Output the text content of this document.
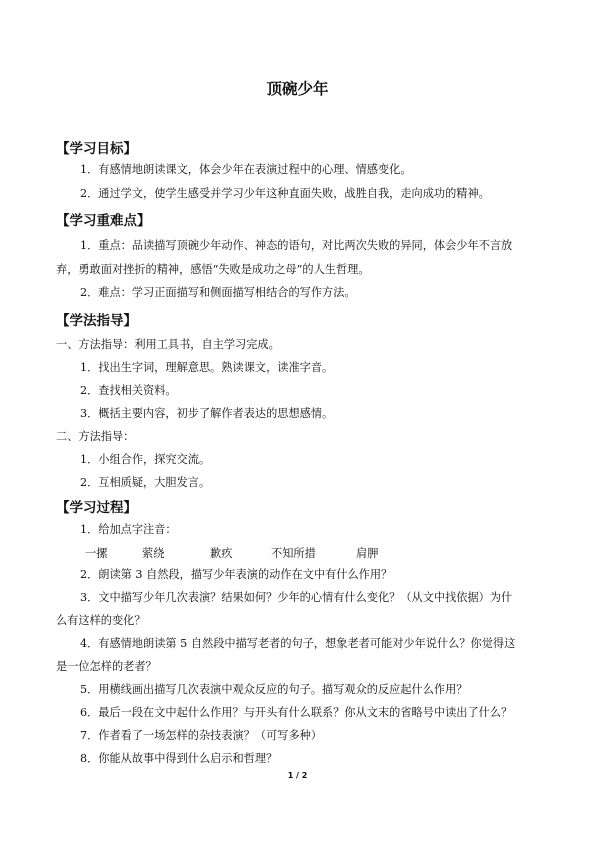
顶碗少年
【学习目标】
1．有感情地朗读课文，体会少年在表演过程中的心理、情感变化。
2．通过学文，使学生感受并学习少年这种直面失败，战胜自我，走向成功的精神。
【学习重难点】
1．重点：品读描写顶碗少年动作、神态的语句，对比两次失败的异同，体会少年不言放
弃，勇敢面对挫折的精神，感悟“失败是成功之母”的人生哲理。
2．难点：学习正面描写和侧面描写相结合的写作方法。
【学法指导】
一、方法指导：利用工具书，自主学习完成。
1．找出生字词，理解意思。熟读课文，读准字音。
2．查找相关资料。
3．概括主要内容，初步了解作者表达的思想感情。
二、方法指导：
1．小组合作，探究交流。
2．互相质疑，大胆发言。
【学习过程】
1．给加点字注音：
一摞	萦绕	歉疚	不知所措	肩胛
2．朗读第 3 自然段，描写少年表演的动作在文中有什么作用？
3．文中描写少年几次表演？结果如何？少年的心情有什么变化？（从文中找依据）为什
么有这样的变化？
4．有感情地朗读第 5 自然段中描写老者的句子，想象老者可能对少年说什么？你觉得这
是一位怎样的老者？
5．用横线画出描写几次表演中观众反应的句子。描写观众的反应起什么作用？
6．最后一段在文中起什么作用？与开头有什么联系？你从文末的省略号中读出了什么？
7．作者看了一场怎样的杂技表演？（可写多种）
8．你能从故事中得到什么启示和哲理？
1 / 2
